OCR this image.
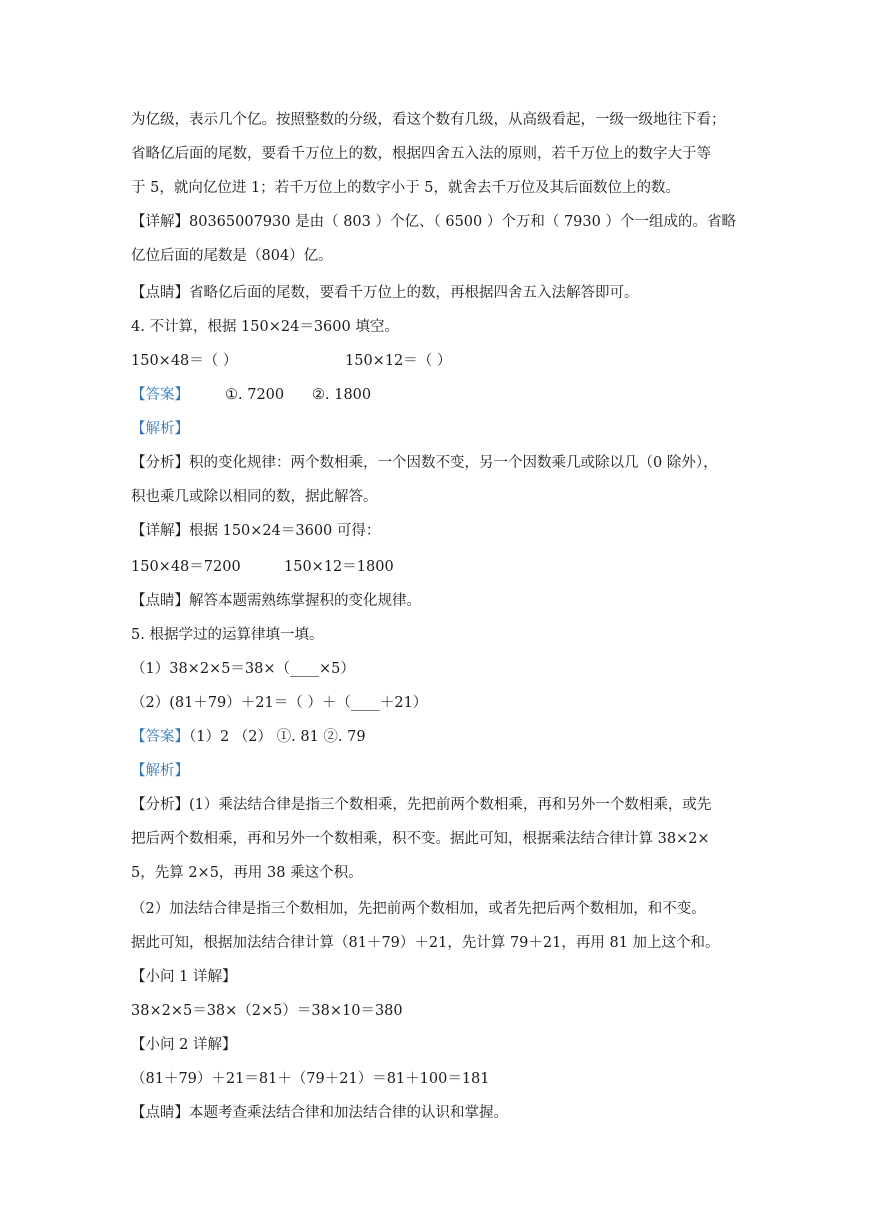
为亿级，表示几个亿。按照整数的分级，看这个数有几级，从高级看起，一级一级地往下看；
省略亿后面的尾数，要看千万位上的数，根据四舍五入法的原则，若千万位上的数字大于等
于 5，就向亿位进 1；若千万位上的数字小于 5，就舍去千万位及其后面数位上的数。
【详解】80365007930 是由（ 803 ）个亿、（ 6500 ）个万和（ 7930 ）个一组成的。省略
亿位后面的尾数是（804）亿。
【点睛】省略亿后面的尾数，要看千万位上的数，再根据四舍五入法解答即可。
4. 不计算，根据 150×24＝3600 填空。
150×48＝（ ）	150×12＝（ ）
【答案】 ①. 7200 ②. 1800
【解析】
【分析】积的变化规律：两个数相乘，一个因数不变，另一个因数乘几或除以几（0 除外），
积也乘几或除以相同的数，据此解答。
【详解】根据 150×24＝3600 可得：
150×48＝7200	150×12＝1800
【点睛】解答本题需熟练掌握积的变化规律。
5. 根据学过的运算律填一填。
（1）38×2×5＝38×（____×5）
（2）(81＋79）＋21＝（ ）＋（____＋21）
【答案】（1）2 （2） ①. 81 ②. 79
【解析】
【分析】(1）乘法结合律是指三个数相乘，先把前两个数相乘，再和另外一个数相乘，或先
把后两个数相乘，再和另外一个数相乘，积不变。据此可知，根据乘法结合律计算 38×2×
5，先算 2×5，再用 38 乘这个积。
（2）加法结合律是指三个数相加，先把前两个数相加，或者先把后两个数相加，和不变。
据此可知，根据加法结合律计算（81＋79）＋21，先计算 79＋21，再用 81 加上这个和。
【小问 1 详解】
38×2×5＝38×（2×5）＝38×10＝380
【小问 2 详解】
（81＋79）＋21＝81＋（79＋21）＝81＋100＝181
【点睛】本题考查乘法结合律和加法结合律的认识和掌握。
